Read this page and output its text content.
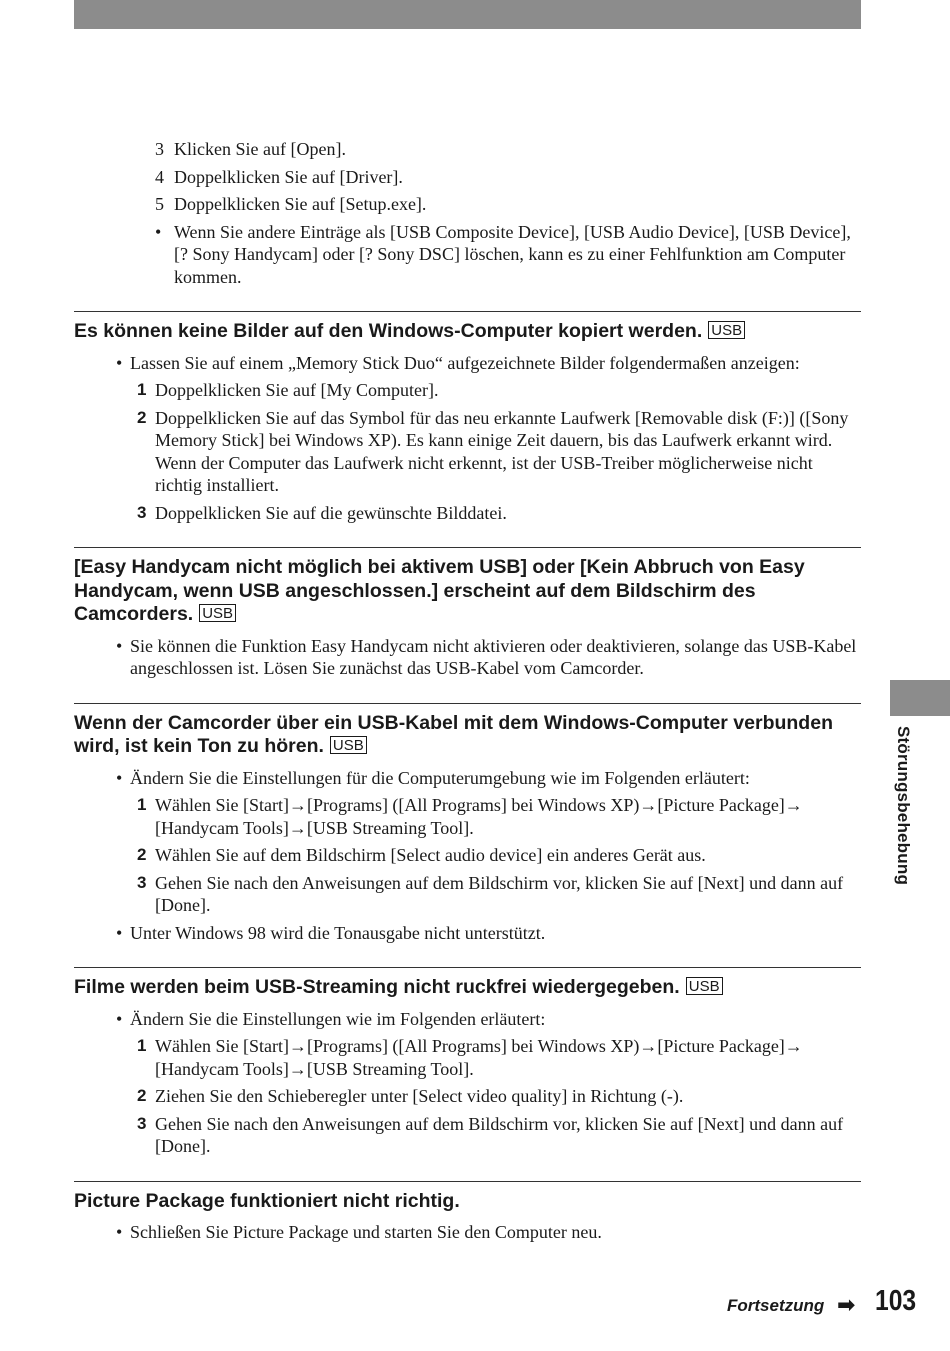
Störungsbehebung
3 Klicken Sie auf [Open].
4 Doppelklicken Sie auf [Driver].
5 Doppelklicken Sie auf [Setup.exe].
• Wenn Sie andere Einträge als [USB Composite Device], [USB Audio Device], [USB Device], [? Sony Handycam] oder [? Sony DSC] löschen, kann es zu einer Fehlfunktion am Computer kommen.
Es können keine Bilder auf den Windows-Computer kopiert werden. USB
• Lassen Sie auf einem „Memory Stick Duo“ aufgezeichnete Bilder folgendermaßen anzeigen:
1 Doppelklicken Sie auf [My Computer].
2 Doppelklicken Sie auf das Symbol für das neu erkannte Laufwerk [Removable disk (F:)] ([Sony Memory Stick] bei Windows XP). Es kann einige Zeit dauern, bis das Laufwerk erkannt wird. Wenn der Computer das Laufwerk nicht erkennt, ist der USB-Treiber möglicherweise nicht richtig installiert.
3 Doppelklicken Sie auf die gewünschte Bilddatei.
[Easy Handycam nicht möglich bei aktivem USB] oder [Kein Abbruch von Easy Handycam, wenn USB angeschlossen.] erscheint auf dem Bildschirm des Camcorders. USB
• Sie können die Funktion Easy Handycam nicht aktivieren oder deaktivieren, solange das USB-Kabel angeschlossen ist. Lösen Sie zunächst das USB-Kabel vom Camcorder.
Wenn der Camcorder über ein USB-Kabel mit dem Windows-Computer verbunden wird, ist kein Ton zu hören. USB
• Ändern Sie die Einstellungen für die Computerumgebung wie im Folgenden erläutert:
1 Wählen Sie [Start]→[Programs] ([All Programs] bei Windows XP)→[Picture Package]→ [Handycam Tools]→[USB Streaming Tool].
2 Wählen Sie auf dem Bildschirm [Select audio device] ein anderes Gerät aus.
3 Gehen Sie nach den Anweisungen auf dem Bildschirm vor, klicken Sie auf [Next] und dann auf [Done].
• Unter Windows 98 wird die Tonausgabe nicht unterstützt.
Filme werden beim USB-Streaming nicht ruckfrei wiedergegeben. USB
• Ändern Sie die Einstellungen wie im Folgenden erläutert:
1 Wählen Sie [Start]→[Programs] ([All Programs] bei Windows XP)→[Picture Package]→ [Handycam Tools]→[USB Streaming Tool].
2 Ziehen Sie den Schieberegler unter [Select video quality] in Richtung (-).
3 Gehen Sie nach den Anweisungen auf dem Bildschirm vor, klicken Sie auf [Next] und dann auf [Done].
Picture Package funktioniert nicht richtig.
• Schließen Sie Picture Package und starten Sie den Computer neu.
Fortsetzung ➡ 103
